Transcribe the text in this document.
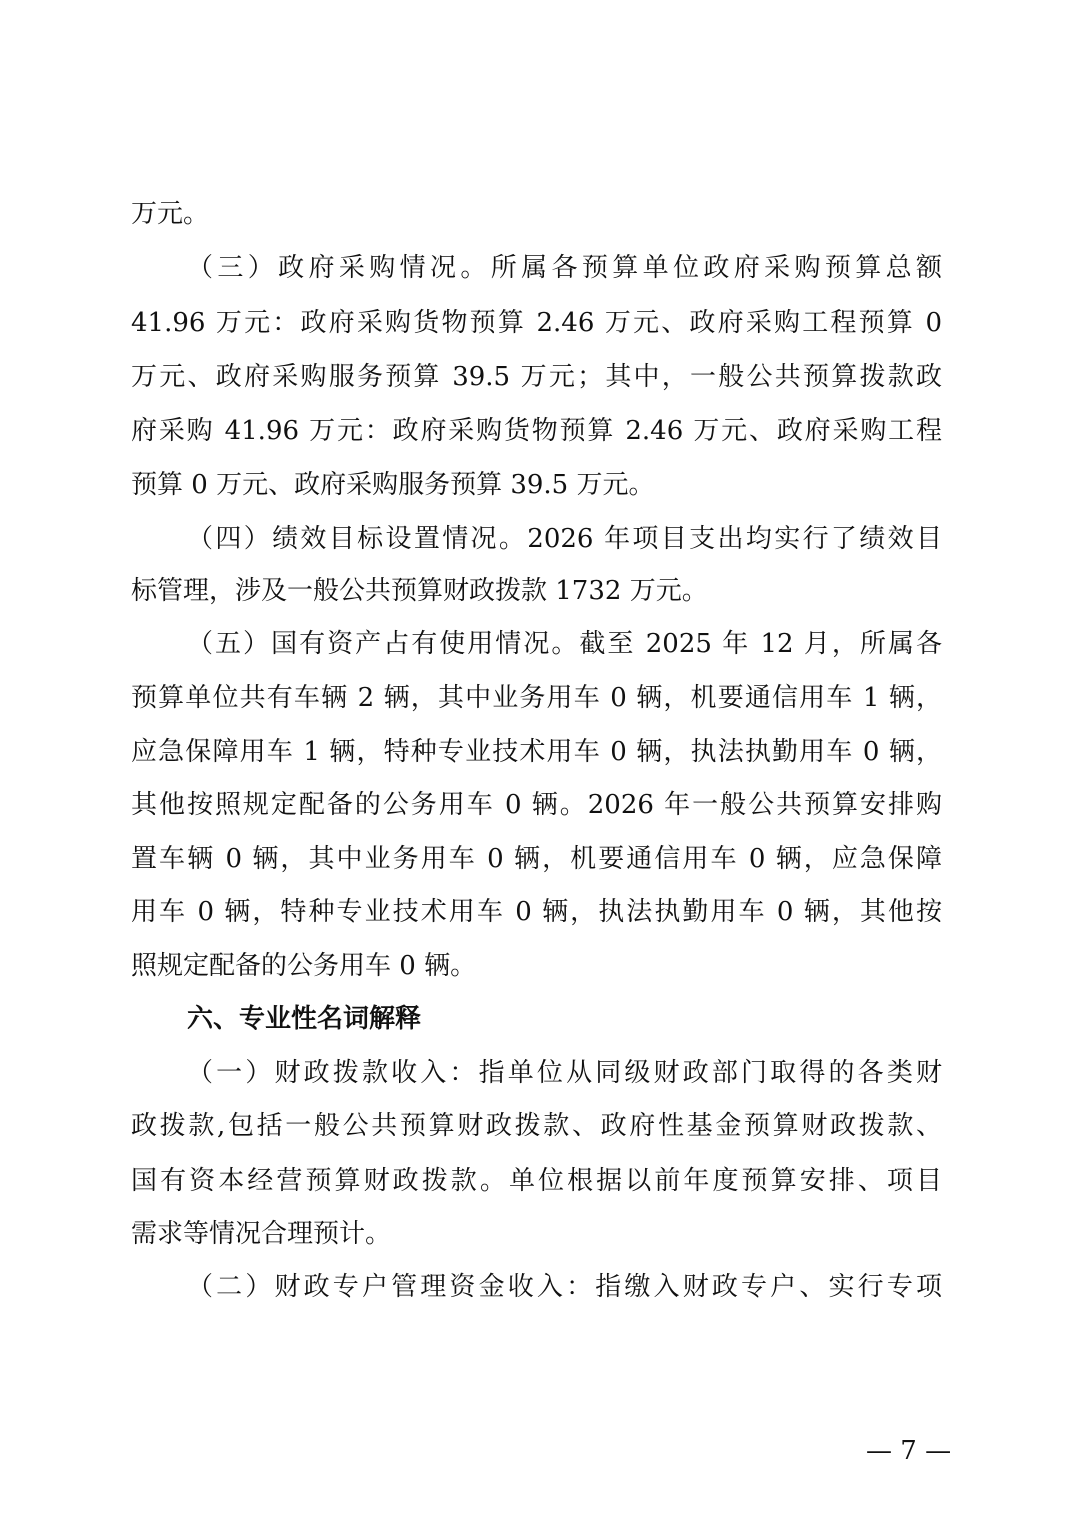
万元。
（三）政府采购情况。所属各预算单位政府采购预算总额
41.96 万元：政府采购货物预算 2.46 万元、政府采购工程预算 0
万元、政府采购服务预算 39.5 万元；其中，一般公共预算拨款政
府采购 41.96 万元：政府采购货物预算 2.46 万元、政府采购工程
预算 0 万元、政府采购服务预算 39.5 万元。
（四）绩效目标设置情况。2026 年项目支出均实行了绩效目
标管理，涉及一般公共预算财政拨款 1732 万元。
（五）国有资产占有使用情况。截至 2025 年 12 月，所属各
预算单位共有车辆 2 辆，其中业务用车 0 辆，机要通信用车 1 辆，
应急保障用车 1 辆，特种专业技术用车 0 辆，执法执勤用车 0 辆，
其他按照规定配备的公务用车 0 辆。2026 年一般公共预算安排购
置车辆 0 辆，其中业务用车 0 辆，机要通信用车 0 辆，应急保障
用车 0 辆，特种专业技术用车 0 辆，执法执勤用车 0 辆，其他按
照规定配备的公务用车 0 辆。
六、专业性名词解释
（一）财政拨款收入：指单位从同级财政部门取得的各类财
政拨款,包括一般公共预算财政拨款、政府性基金预算财政拨款、
国有资本经营预算财政拨款。单位根据以前年度预算安排、项目
需求等情况合理预计。
（二）财政专户管理资金收入：指缴入财政专户、实行专项
— 7 —
